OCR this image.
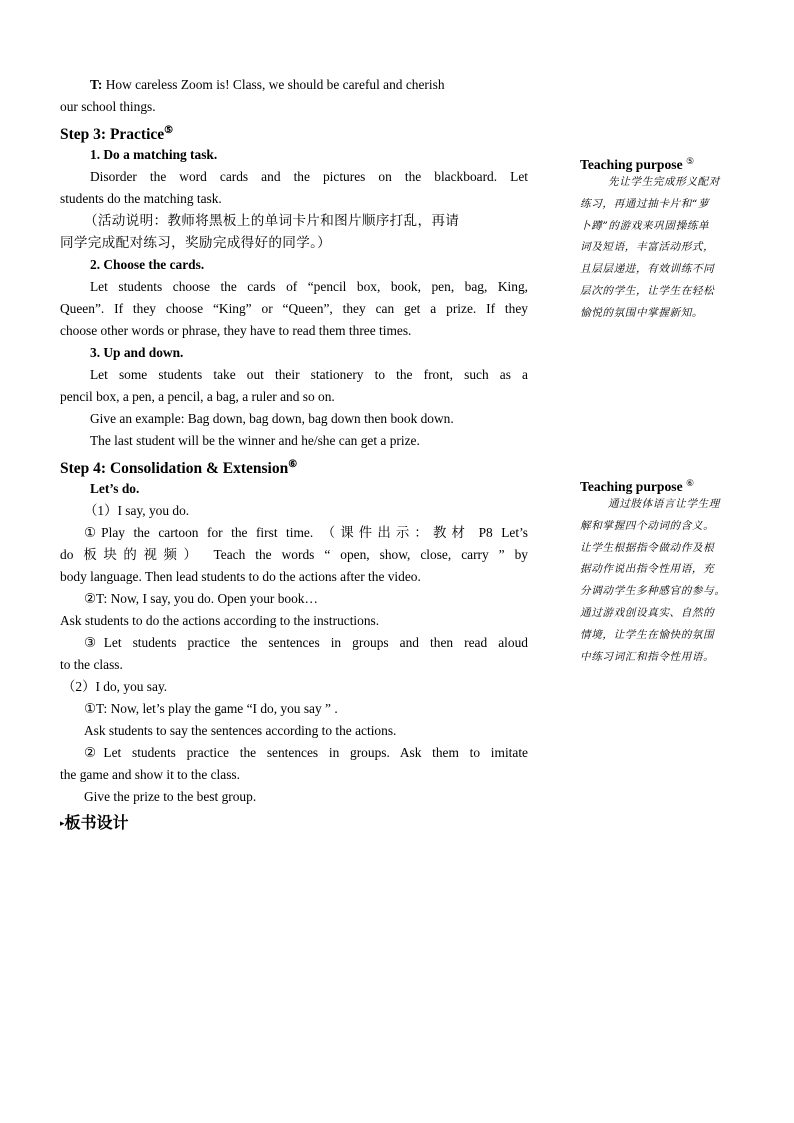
T: How careless Zoom is! Class, we should be careful and cherish
our school things.
Step 3: Practice⑤
1. Do a matching task.
Disorder the word cards and the pictures on the blackboard. Let
students do the matching task.
（活动说明：教师将黑板上的单词卡片和图片顺序打乱，再请
同学完成配对练习，奖励完成得好的同学。）
2. Choose the cards.
Let students choose the cards of “pencil box, book, pen, bag, King,
Queen”. If they choose “King” or “Queen”, they can get a prize. If they
choose other words or phrase, they have to read them three times.
3. Up and down.
Let some students take out their stationery to the front, such as a
pencil box, a pen, a pencil, a bag, a ruler and so on.
Give an example: Bag down, bag down, bag down then book down.
The last student will be the winner and he/she can get a prize.
Step 4: Consolidation & Extension⑥
Let’s do.
（1）I say, you do.
①Play the cartoon for the first time. （课件出示：教材 P8 Let’s
do 板块的视频） Teach the words “ open, show, close, carry ” by
body language. Then lead students to do the actions after the video.
②T: Now, I say, you do. Open your book…
Ask students to do the actions according to the instructions.
③Let students practice the sentences in groups and then read aloud
to the class.
（2）I do, you say.
①T: Now, let’s play the game “I do, you say ” .
Ask students to say the sentences according to the actions.
②Let students practice the sentences in groups. Ask them to imitate
the game and show it to the class.
Give the prize to the best group.
▸板书设计
Teaching purpose ⑤
先让学生完成形义配对
练习，再通过抽卡片和“萝
卜蹲”的游戏来巩固操练单
词及短语，丰富活动形式，
且层层递进，有效训练不同
层次的学生，让学生在轻松
愉悦的氛围中掌握新知。
Teaching purpose ⑥
通过肢体语言让学生理
解和掌握四个动词的含义。
让学生根据指令做动作及根
据动作说出指令性用语，充
分调动学生多种感官的参与。
通过游戏创设真实、自然的
情境，让学生在愉快的氛围
中练习词汇和指令性用语。
